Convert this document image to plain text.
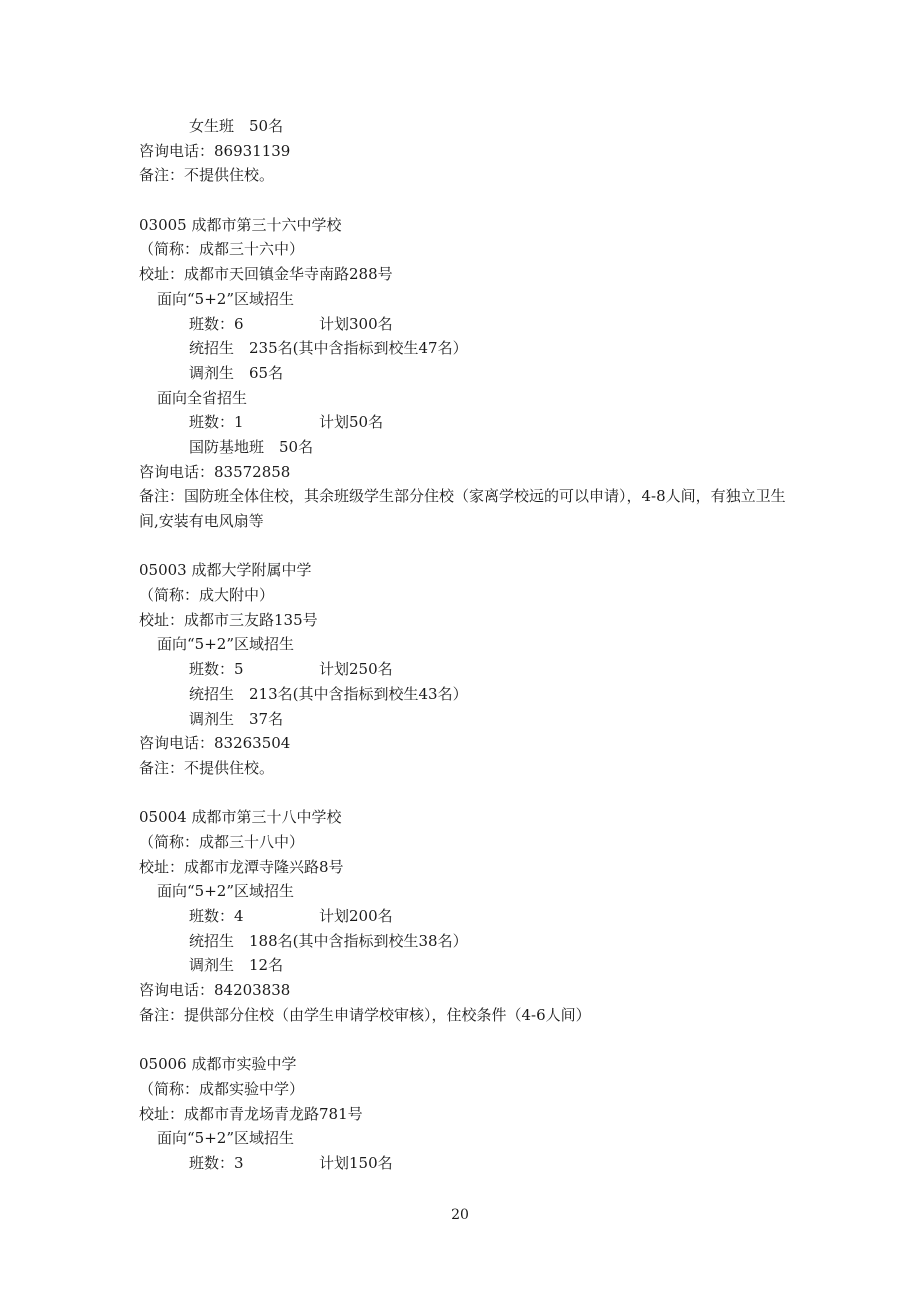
女生班　50名
咨询电话：86931139
备注：不提供住校。
03005 成都市第三十六中学校
（简称：成都三十六中）
校址：成都市天回镇金华寺南路288号
面向“5+2”区域招生
班数：6	计划300名
统招生　235名(其中含指标到校生47名）
调剂生　65名
面向全省招生
班数：1	计划50名
国防基地班　50名
咨询电话：83572858
备注：国防班全体住校，其余班级学生部分住校（家离学校远的可以申请），4-8人间，有独立卫生间,安装有电风扇等
05003 成都大学附属中学
（简称：成大附中）
校址：成都市三友路135号
面向“5+2”区域招生
班数：5	计划250名
统招生　213名(其中含指标到校生43名）
调剂生　37名
咨询电话：83263504
备注：不提供住校。
05004 成都市第三十八中学校
（简称：成都三十八中）
校址：成都市龙潭寺隆兴路8号
面向“5+2”区域招生
班数：4	计划200名
统招生　188名(其中含指标到校生38名）
调剂生　12名
咨询电话：84203838
备注：提供部分住校（由学生申请学校审核），住校条件（4-6人间）
05006 成都市实验中学
（简称：成都实验中学）
校址：成都市青龙场青龙路781号
面向“5+2”区域招生
班数：3	计划150名
20
